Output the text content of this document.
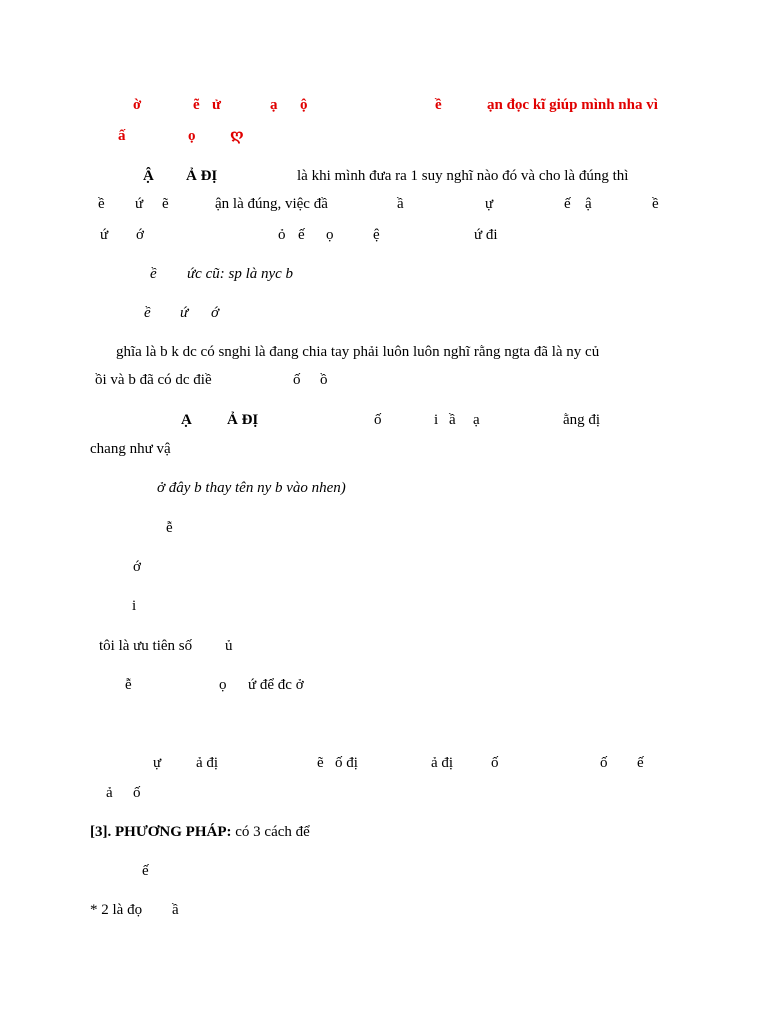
ờ	ẽ ử	ạ ộ	ề	ạn đọc kĩ giúp mình nha vì
ấ	ọ ღ
Ậ Ả ĐỊ	là khi mình đưa ra 1 suy nghĩ nào đó và cho là đúng thì
ề ứ ẽ	ận là đúng, việc đầ	ầ	ự	ế ậ	ề
ứ ớ	ỏ ế ọ	ệ	ứ đi
ề ức cũ: sp là nyc b
ề ứ ớ
ghĩa là b k dc có snghi là đang chia tay phải luôn luôn nghĩ rằng ngta đã là ny củ
ồi và b đã có dc điề	ố ồ
Ạ Ả ĐỊ	ố	i ầ ạ	ằng đị
chang như vậ
ở đây b thay tên ny b vào nhen)
ễ
ớ
i
tôi là ưu tiên số ủ
ễ	ọ ứ để đc ở
ự ả đị	ẽ ố đị	ả đị	ố	ố ế
ả ố
[3]. PHƯƠNG PHÁP: có 3 cách để
ế
* 2 là đọ ầ
